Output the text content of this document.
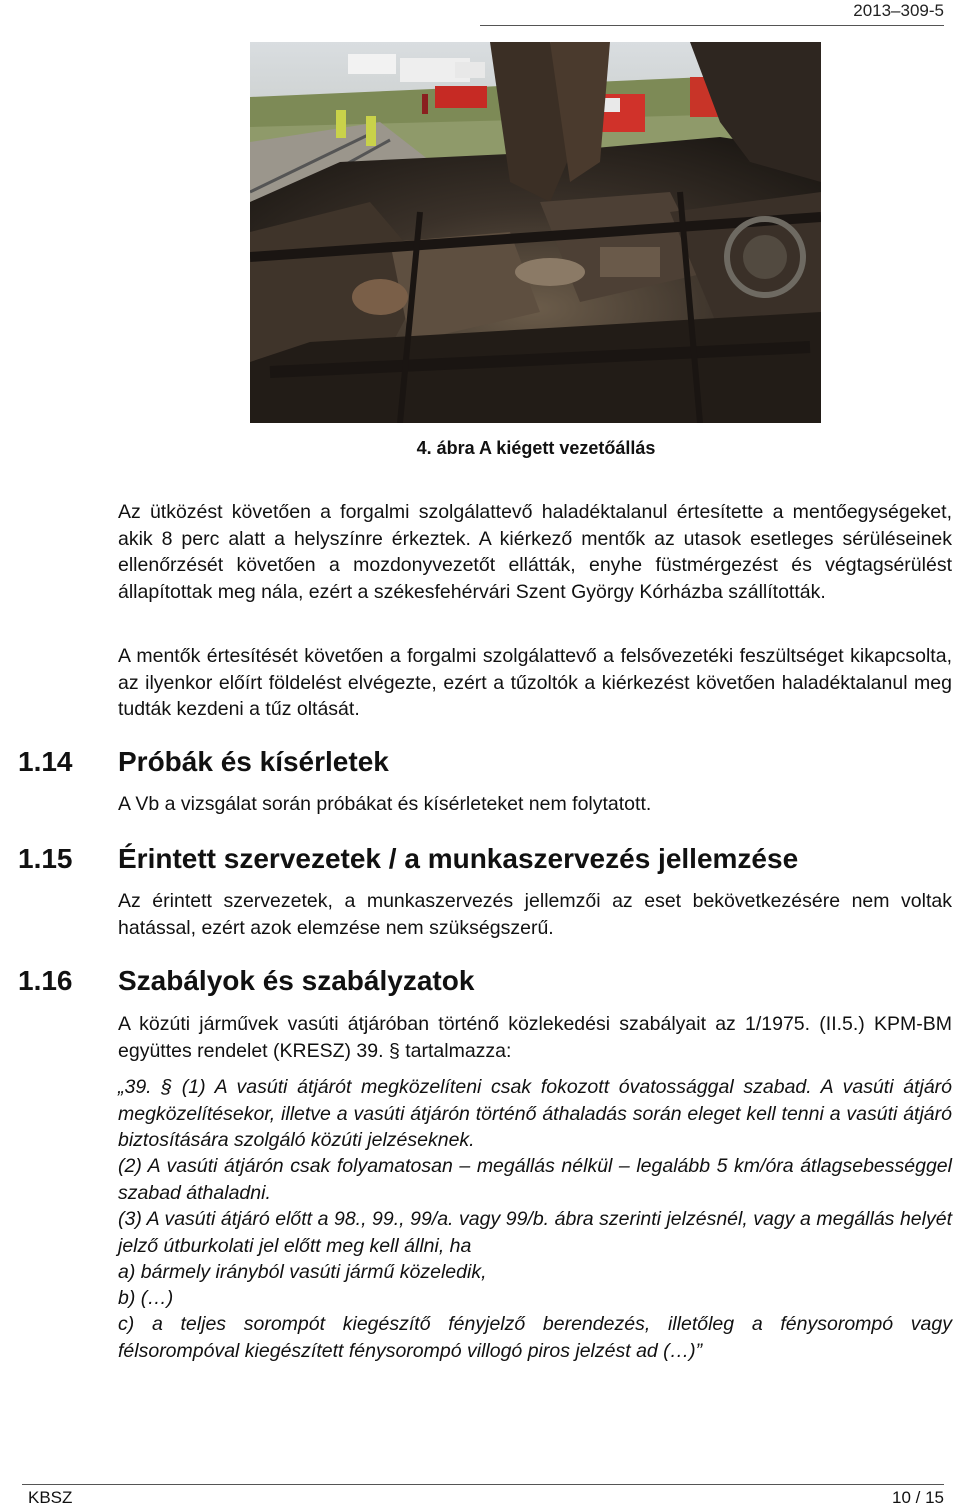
2013–309-5
4. ábra A kiégett vezetőállás

Az ütközést követően a forgalmi szolgálattevő haladéktalanul értesítette a mentőegységeket, akik 8 perc alatt a helyszínre érkeztek. A kiérkező mentők az utasok esetleges sérüléseinek ellenőrzését követően a mozdonyvezetőt ellátták, enyhe füstmérgezést és végtagsérülést állapítottak meg nála, ezért a székesfehérvári Szent György Kórházba szállították.

A mentők értesítését követően a forgalmi szolgálattevő a felsővezetéki feszültséget kikapcsolta, az ilyenkor előírt földelést elvégezte, ezért a tűzoltók a kiérkezést követően haladéktalanul meg tudták kezdeni a tűz oltását.

1.14 Próbák és kísérletek

A Vb a vizsgálat során próbákat és kísérleteket nem folytatott.

1.15 Érintett szervezetek / a munkaszervezés jellemzése

Az érintett szervezetek, a munkaszervezés jellemzői az eset bekövetkezésére nem voltak hatással, ezért azok elemzése nem szükségszerű.

1.16 Szabályok és szabályzatok

A közúti járművek vasúti átjáróban történő közlekedési szabályait az 1/1975. (II.5.) KPM-BM együttes rendelet (KRESZ) 39. § tartalmazza:

„39. § (1) A vasúti átjárót megközelíteni csak fokozott óvatossággal szabad. A vasúti átjáró megközelítésekor, illetve a vasúti átjárón történő áthaladás során eleget kell tenni a vasúti átjáró biztosítására szolgáló közúti jelzéseknek.

(2) A vasúti átjárón csak folyamatosan – megállás nélkül – legalább 5 km/óra átlagsebességgel szabad áthaladni.

(3) A vasúti átjáró előtt a 98., 99., 99/a. vagy 99/b. ábra szerinti jelzésnél, vagy a megállás helyét jelző útburkolati jel előtt meg kell állni, ha

a) bármely irányból vasúti jármű közeledik,

b) (…)

c) a teljes sorompót kiegészítő fényjelző berendezés, illetőleg a fénysorompó vagy félsorompóval kiegészített fénysorompó villogó piros jelzést ad (…)”

KBSZ	10 / 15
